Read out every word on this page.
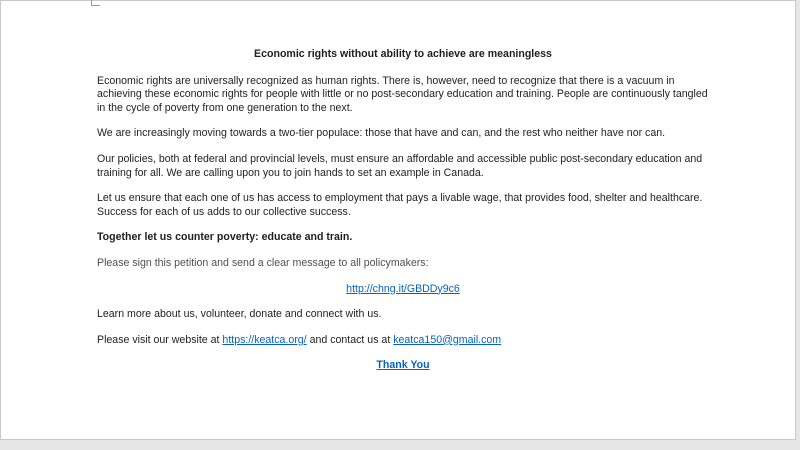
Economic rights without ability to achieve are meaningless

Economic rights are universally recognized as human rights. There is, however, need to recognize that there is a vacuum in achieving these economic rights for people with little or no post-secondary education and training. People are continuously tangled in the cycle of poverty from one generation to the next.

We are increasingly moving towards a two-tier populace: those that have and can, and the rest who neither have nor can.

Our policies, both at federal and provincial levels, must ensure an affordable and accessible public post-secondary education and training for all. We are calling upon you to join hands to set an example in Canada.

Let us ensure that each one of us has access to employment that pays a livable wage, that provides food, shelter and healthcare. Success for each of us adds to our collective success.

Together let us counter poverty: educate and train.

Please sign this petition and send a clear message to all policymakers:

http://chng.it/GBDDy9c6

Learn more about us, volunteer, donate and connect with us.

Please visit our website at https://keatca.org/ and contact us at keatca150@gmail.com

Thank You
